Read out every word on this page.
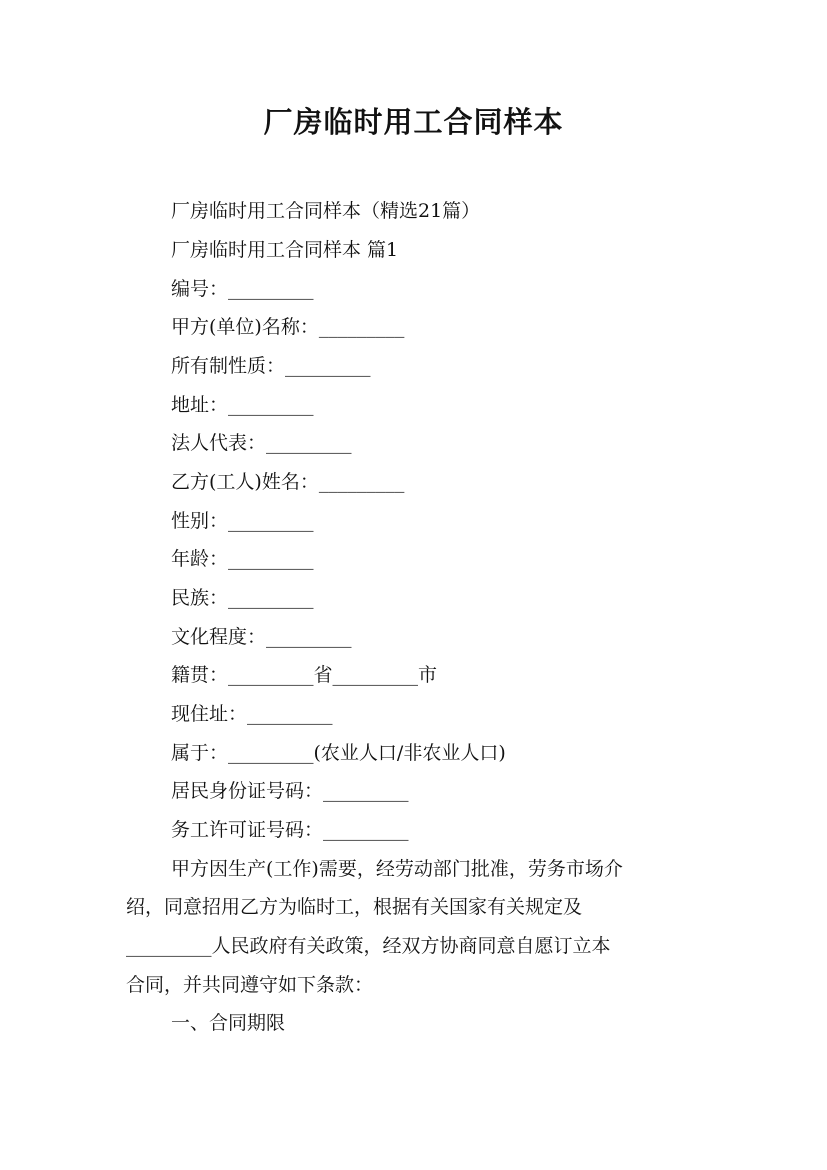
厂房临时用工合同样本
厂房临时用工合同样本（精选21篇）
厂房临时用工合同样本 篇1
编号：_________
甲方(单位)名称：_________
所有制性质：_________
地址：_________
法人代表：_________
乙方(工人)姓名：_________
性别：_________
年龄：_________
民族：_________
文化程度：_________
籍贯：_________省_________市
现住址：_________
属于：_________(农业人口/非农业人口)
居民身份证号码：_________
务工许可证号码：_________
甲方因生产(工作)需要，经劳动部门批准，劳务市场介
绍，同意招用乙方为临时工，根据有关国家有关规定及
_________人民政府有关政策，经双方协商同意自愿订立本
合同，并共同遵守如下条款：
一、合同期限
